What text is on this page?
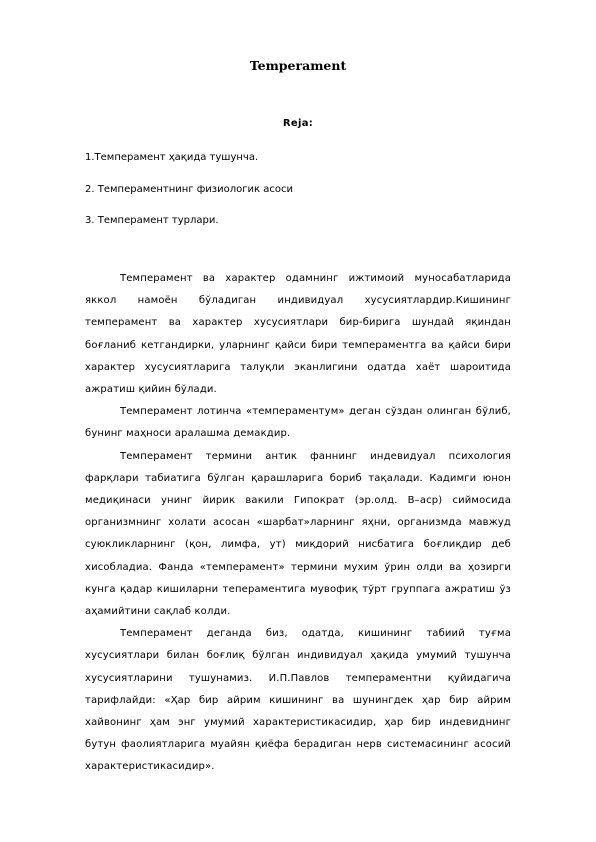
Temperament
Reja:
1.Темперамент ҳақида тушунча.
2. Темпераментнинг физиологик асоси
3. Темперамент турлари.

Темперамент ва характер одамнинг ижтимоий муносабатларида яккол намоён бўладиган индивидуал хусусиятлардир.Кишининг темперамент ва характер хусусиятлари бир-бирига шундай яқиндан боғланиб кетгандирки, уларнинг қайси бири темпераментга ва қайси бири характер хусусиятларига талуқли эканлигини одатда хаёт шароитида ажратиш қийин бўлади.

Темперамент лотинча «темпераментум» деган сўздан олинган бўлиб, бунинг маҳноси аралашма демакдир.

Темперамент термини антик фаннинг индевидуал психология фарқлари табиатига бўлган қарашларига бориб тақалади. Кадимги юнон медиқинаси унинг йирик вакили Гипократ (эр.олд. В–аср) сиймосида организмнинг холати асосан «шарбат»ларнинг яҳни, организмда мавжуд суюкликларнинг (қон, лимфа, ут) миқдорий нисбатига боғлиқдир деб хисобладиа. Фанда «темперамент» термини мухим ўрин олди ва ҳозирги кунга қадар кишиларни тепераментига мувофиқ тўрт группага ажратиш ўз аҳамийтини сақлаб колди.

Темперамент деганда биз, одатда, кишининг табиий туғма хусусиятлари билан боғлиқ бўлган индивидуал ҳақида умумий тушунча хусусиятларини тушунамиз. И.П.Павлов темпераментни қуйидагича тарифлайди: «Ҳар бир айрим кишининг ва шунингдек ҳар бир айрим хайвонинг ҳам энг умумий характеристикасидир, ҳар бир индевиднинг бутун фаолиятларига муайян қиёфа берадиган нерв системасининг асосий характеристикасидир».
